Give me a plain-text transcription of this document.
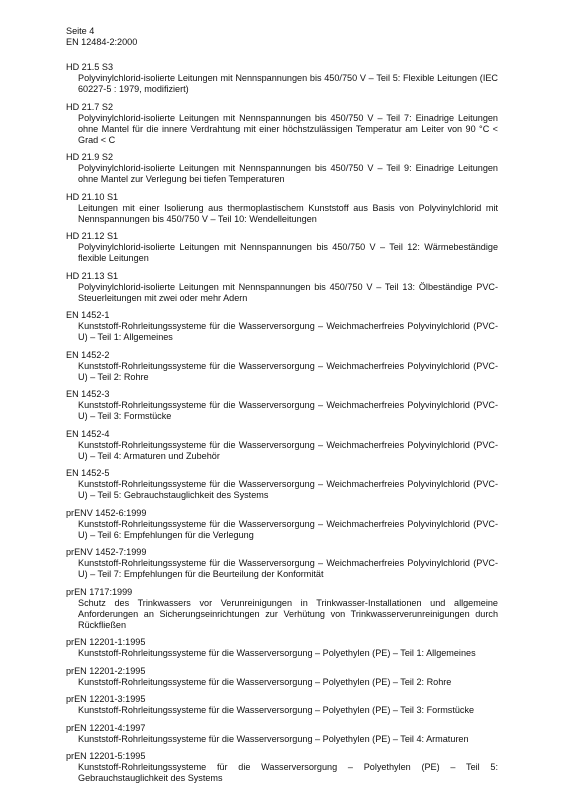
Seite 4
EN 12484-2:2000
HD 21.5 S3
Polyvinylchlorid-isolierte Leitungen mit Nennspannungen bis 450/750 V – Teil 5: Flexible Leitungen (IEC 60227-5 : 1979, modifiziert)
HD 21.7 S2
Polyvinylchlorid-isolierte Leitungen mit Nennspannungen bis 450/750 V – Teil 7: Einadrige Leitungen ohne Mantel für die innere Verdrahtung mit einer höchstzulässigen Temperatur am Leiter von 90 °C < Grad < C
HD 21.9 S2
Polyvinylchlorid-isolierte Leitungen mit Nennspannungen bis 450/750 V – Teil 9: Einadrige Leitungen ohne Mantel zur Verlegung bei tiefen Temperaturen
HD 21.10 S1
Leitungen mit einer Isolierung aus thermoplastischem Kunststoff aus Basis von Polyvinylchlorid mit Nennspannungen bis 450/750 V – Teil 10: Wendelleitungen
HD 21.12 S1
Polyvinylchlorid-isolierte Leitungen mit Nennspannungen bis 450/750 V – Teil 12: Wärmebeständige flexible Leitungen
HD 21.13 S1
Polyvinylchlorid-isolierte Leitungen mit Nennspannungen bis 450/750 V – Teil 13: Ölbeständige PVC-Steuerleitungen mit zwei oder mehr Adern
EN 1452-1
Kunststoff-Rohrleitungssysteme für die Wasserversorgung – Weichmacherfreies Polyvinylchlorid (PVC-U) – Teil 1: Allgemeines
EN 1452-2
Kunststoff-Rohrleitungssysteme für die Wasserversorgung – Weichmacherfreies Polyvinylchlorid (PVC-U) – Teil 2: Rohre
EN 1452-3
Kunststoff-Rohrleitungssysteme für die Wasserversorgung – Weichmacherfreies Polyvinylchlorid (PVC-U) – Teil 3: Formstücke
EN 1452-4
Kunststoff-Rohrleitungssysteme für die Wasserversorgung – Weichmacherfreies Polyvinylchlorid (PVC-U) – Teil 4: Armaturen und Zubehör
EN 1452-5
Kunststoff-Rohrleitungssysteme für die Wasserversorgung – Weichmacherfreies Polyvinylchlorid (PVC-U) – Teil 5: Gebrauchstauglichkeit des Systems
prENV 1452-6:1999
Kunststoff-Rohrleitungssysteme für die Wasserversorgung – Weichmacherfreies Polyvinylchlorid (PVC-U) – Teil 6: Empfehlungen für die Verlegung
prENV 1452-7:1999
Kunststoff-Rohrleitungssysteme für die Wasserversorgung – Weichmacherfreies Polyvinylchlorid (PVC-U) – Teil 7: Empfehlungen für die Beurteilung der Konformität
prEN 1717:1999
Schutz des Trinkwassers vor Verunreinigungen in Trinkwasser-Installationen und allgemeine Anforderungen an Sicherungseinrichtungen zur Verhütung von Trinkwasserverunreinigungen durch Rückfließen
prEN 12201-1:1995
Kunststoff-Rohrleitungssysteme für die Wasserversorgung – Polyethylen (PE) – Teil 1: Allgemeines
prEN 12201-2:1995
Kunststoff-Rohrleitungssysteme für die Wasserversorgung – Polyethylen (PE) – Teil 2: Rohre
prEN 12201-3:1995
Kunststoff-Rohrleitungssysteme für die Wasserversorgung – Polyethylen (PE) – Teil 3: Formstücke
prEN 12201-4:1997
Kunststoff-Rohrleitungssysteme für die Wasserversorgung – Polyethylen (PE) – Teil 4: Armaturen
prEN 12201-5:1995
Kunststoff-Rohrleitungssysteme für die Wasserversorgung – Polyethylen (PE) – Teil 5: Gebrauchstauglichkeit des Systems
